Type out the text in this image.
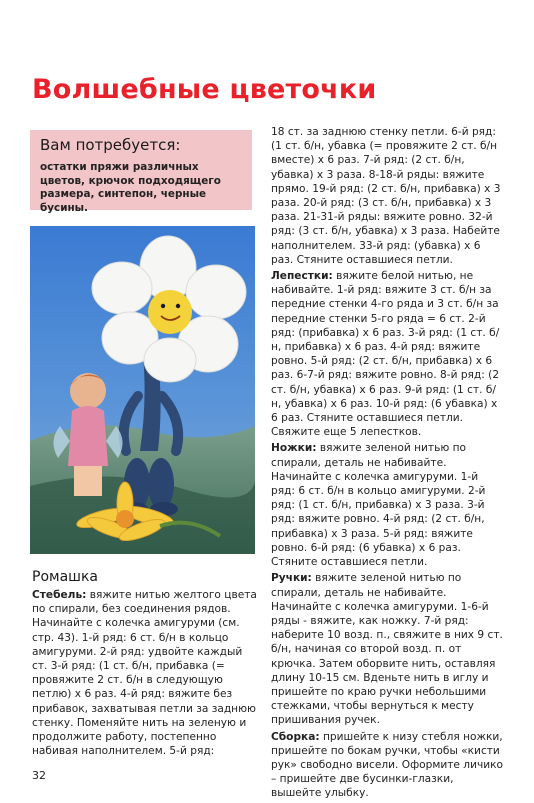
Волшебные цветочки
Вам потребуется:
остатки пряжи различных цветов, крючок подходящего размера, синтепон, черные бусины.
Ромашка

Стебель: вяжите нитью желтого цвета по спирали, без соединения рядов. Начинайте с колечка амигуруми (см. стр. 43). 1-й ряд: 6 ст. б/н в кольцо амигуруми. 2-й ряд: удвойте каждый ст. 3-й ряд: (1 ст. б/н, прибавка (= провяжите 2 ст. б/н в следующую петлю) x 6 раз. 4-й ряд: вяжите без прибавок, захватывая петли за заднюю стенку. Поменяйте нить на зеленую и продолжите работу, постепенно набивая наполнителем. 5-й ряд:

18 ст. за заднюю стенку петли. 6-й ряд: (1 ст. б/н, убавка (= провяжите 2 ст. б/н вместе) x 6 раз. 7-й ряд: (2 ст. б/н, убавка) x 3 раза. 8-18-й ряды: вяжите прямо. 19-й ряд: (2 ст. б/н, прибавка) x 3 раза. 20-й ряд: (3 ст. б/н, прибавка) x 3 раза. 21-31-й ряды: вяжите ровно. 32-й ряд: (3 ст. б/н, убавка) x 3 раза. Набейте наполнителем. 33-й ряд: (убавка) x 6 раз. Стяните оставшиеся петли.

Лепестки: вяжите белой нитью, не набивайте. 1-й ряд: вяжите 3 ст. б/н за передние стенки 4-го ряда и 3 ст. б/н за передние стенки 5-го ряда = 6 ст. 2-й ряд: (прибавка) x 6 раз. 3-й ряд: (1 ст. б/н, прибавка) x 6 раз. 4-й ряд: вяжите ровно. 5-й ряд: (2 ст. б/н, прибавка) x 6 раз. 6-7-й ряд: вяжите ровно. 8-й ряд: (2 ст. б/н, убавка) x 6 раз. 9-й ряд: (1 ст. б/н, убавка) x 6 раз. 10-й ряд: (6 убавка) x 6 раз. Стяните оставшиеся петли. Свяжите еще 5 лепестков.

Ножки: вяжите зеленой нитью по спирали, деталь не набивайте. Начинайте с колечка амигуруми. 1-й ряд: 6 ст. б/н в кольцо амигуруми. 2-й ряд: (1 ст. б/н, прибавка) x 3 раза. 3-й ряд: вяжите ровно. 4-й ряд: (2 ст. б/н, прибавка) x 3 раза. 5-й ряд: вяжите ровно. 6-й ряд: (6 убавка) x 6 раз. Стяните оставшиеся петли.

Ручки: вяжите зеленой нитью по спирали, деталь не набивайте. Начинайте с колечка амигуруми. 1-6-й ряды - вяжите, как ножку. 7-й ряд: наберите 10 возд. п., свяжите в них 9 ст. б/н, начиная со второй возд. п. от крючка. Затем оборвите нить, оставляя длину 10-15 см. Вденьте нить в иглу и пришейте по краю ручки небольшими стежками, чтобы вернуться к месту пришивания ручек.

Сборка: пришейте к низу стебля ножки, пришейте по бокам ручки, чтобы «кисти рук» свободно висели. Оформите личико – пришейте две бусинки-глазки, вышейте улыбку.

32
